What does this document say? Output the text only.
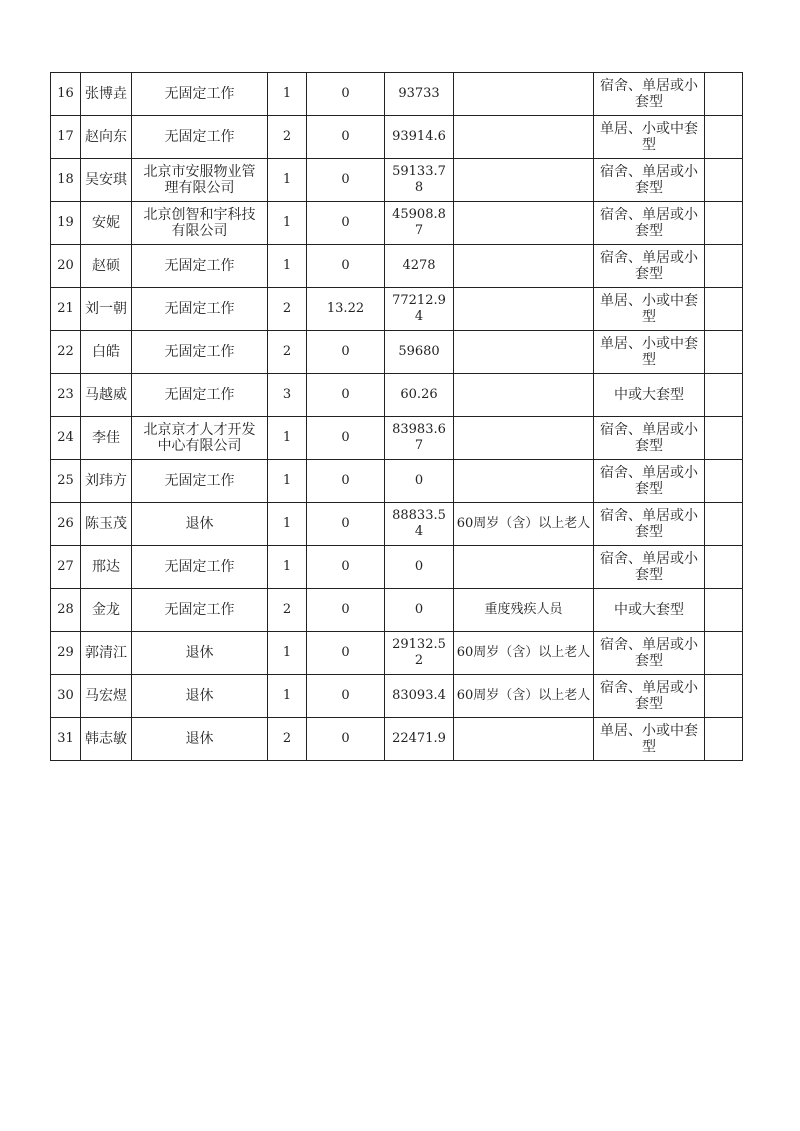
16	张博垚	无固定工作	1	0	93733		宿舍、单居或小套型	
17	赵向东	无固定工作	2	0	93914.6		单居、小或中套型	
18	吴安琪	北京市安服物业管理有限公司	1	0	59133.78		宿舍、单居或小套型	
19	安妮	北京创智和宇科技有限公司	1	0	45908.87		宿舍、单居或小套型	
20	赵硕	无固定工作	1	0	4278		宿舍、单居或小套型	
21	刘一朝	无固定工作	2	13.22	77212.94		单居、小或中套型	
22	白皓	无固定工作	2	0	59680		单居、小或中套型	
23	马越威	无固定工作	3	0	60.26		中或大套型	
24	李佳	北京京才人才开发中心有限公司	1	0	83983.67		宿舍、单居或小套型	
25	刘玮方	无固定工作	1	0	0		宿舍、单居或小套型	
26	陈玉茂	退休	1	0	88833.54	60周岁（含）以上老人	宿舍、单居或小套型	
27	邢达	无固定工作	1	0	0		宿舍、单居或小套型	
28	金龙	无固定工作	2	0	0	重度残疾人员	中或大套型	
29	郭清江	退休	1	0	29132.52	60周岁（含）以上老人	宿舍、单居或小套型	
30	马宏煜	退休	1	0	83093.4	60周岁（含）以上老人	宿舍、单居或小套型	
31	韩志敏	退休	2	0	22471.9		单居、小或中套型	
